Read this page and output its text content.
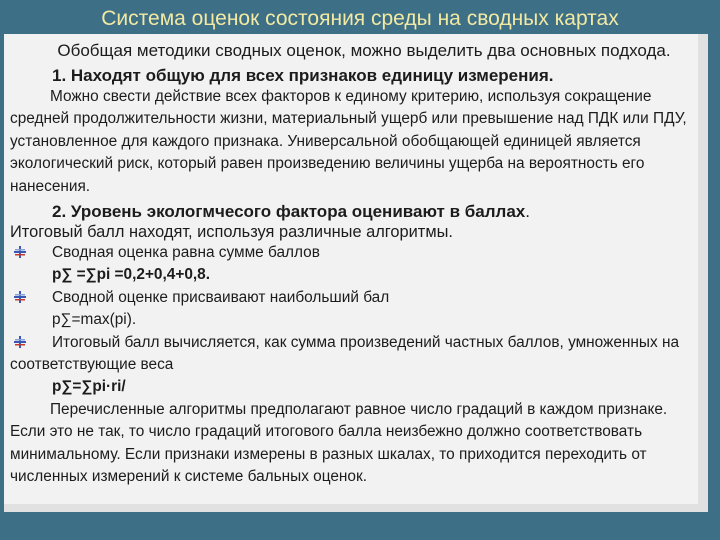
Система оценок состояния среды на сводных картах

Обобщая методики сводных оценок, можно выделить два основных подхода.

1. Находят общую для всех признаков единицу измерения.

Можно свести действие всех факторов к единому критерию, используя сокращение средней продолжительности жизни, материальный ущерб или превышение над ПДК или ПДУ, установленное для каждого признака. Универсальной обобщающей единицей является экологический риск, который равен произведению величины ущерба на вероятность его нанесения.

2. Уровень экологмчесого фактора оценивают в баллах.

Итоговый балл находят, используя различные алгоритмы.

Сводная оценка равна сумме баллов

p∑ =∑pi =0,2+0,4+0,8.

Сводной оценке присваивают наибольший бал

p∑=max(pi).

Итоговый балл вычисляется, как сумма произведений частных баллов, умноженных на соответствующие веса

p∑=∑pi·ri/

Перечисленные алгоритмы предполагают равное число градаций в каждом признаке. Если это не так, то число градаций итогового балла неизбежно должно соответствовать минимальному. Если признаки измерены в разных шкалах, то приходится переходить от численных измерений к системе бальных оценок.
